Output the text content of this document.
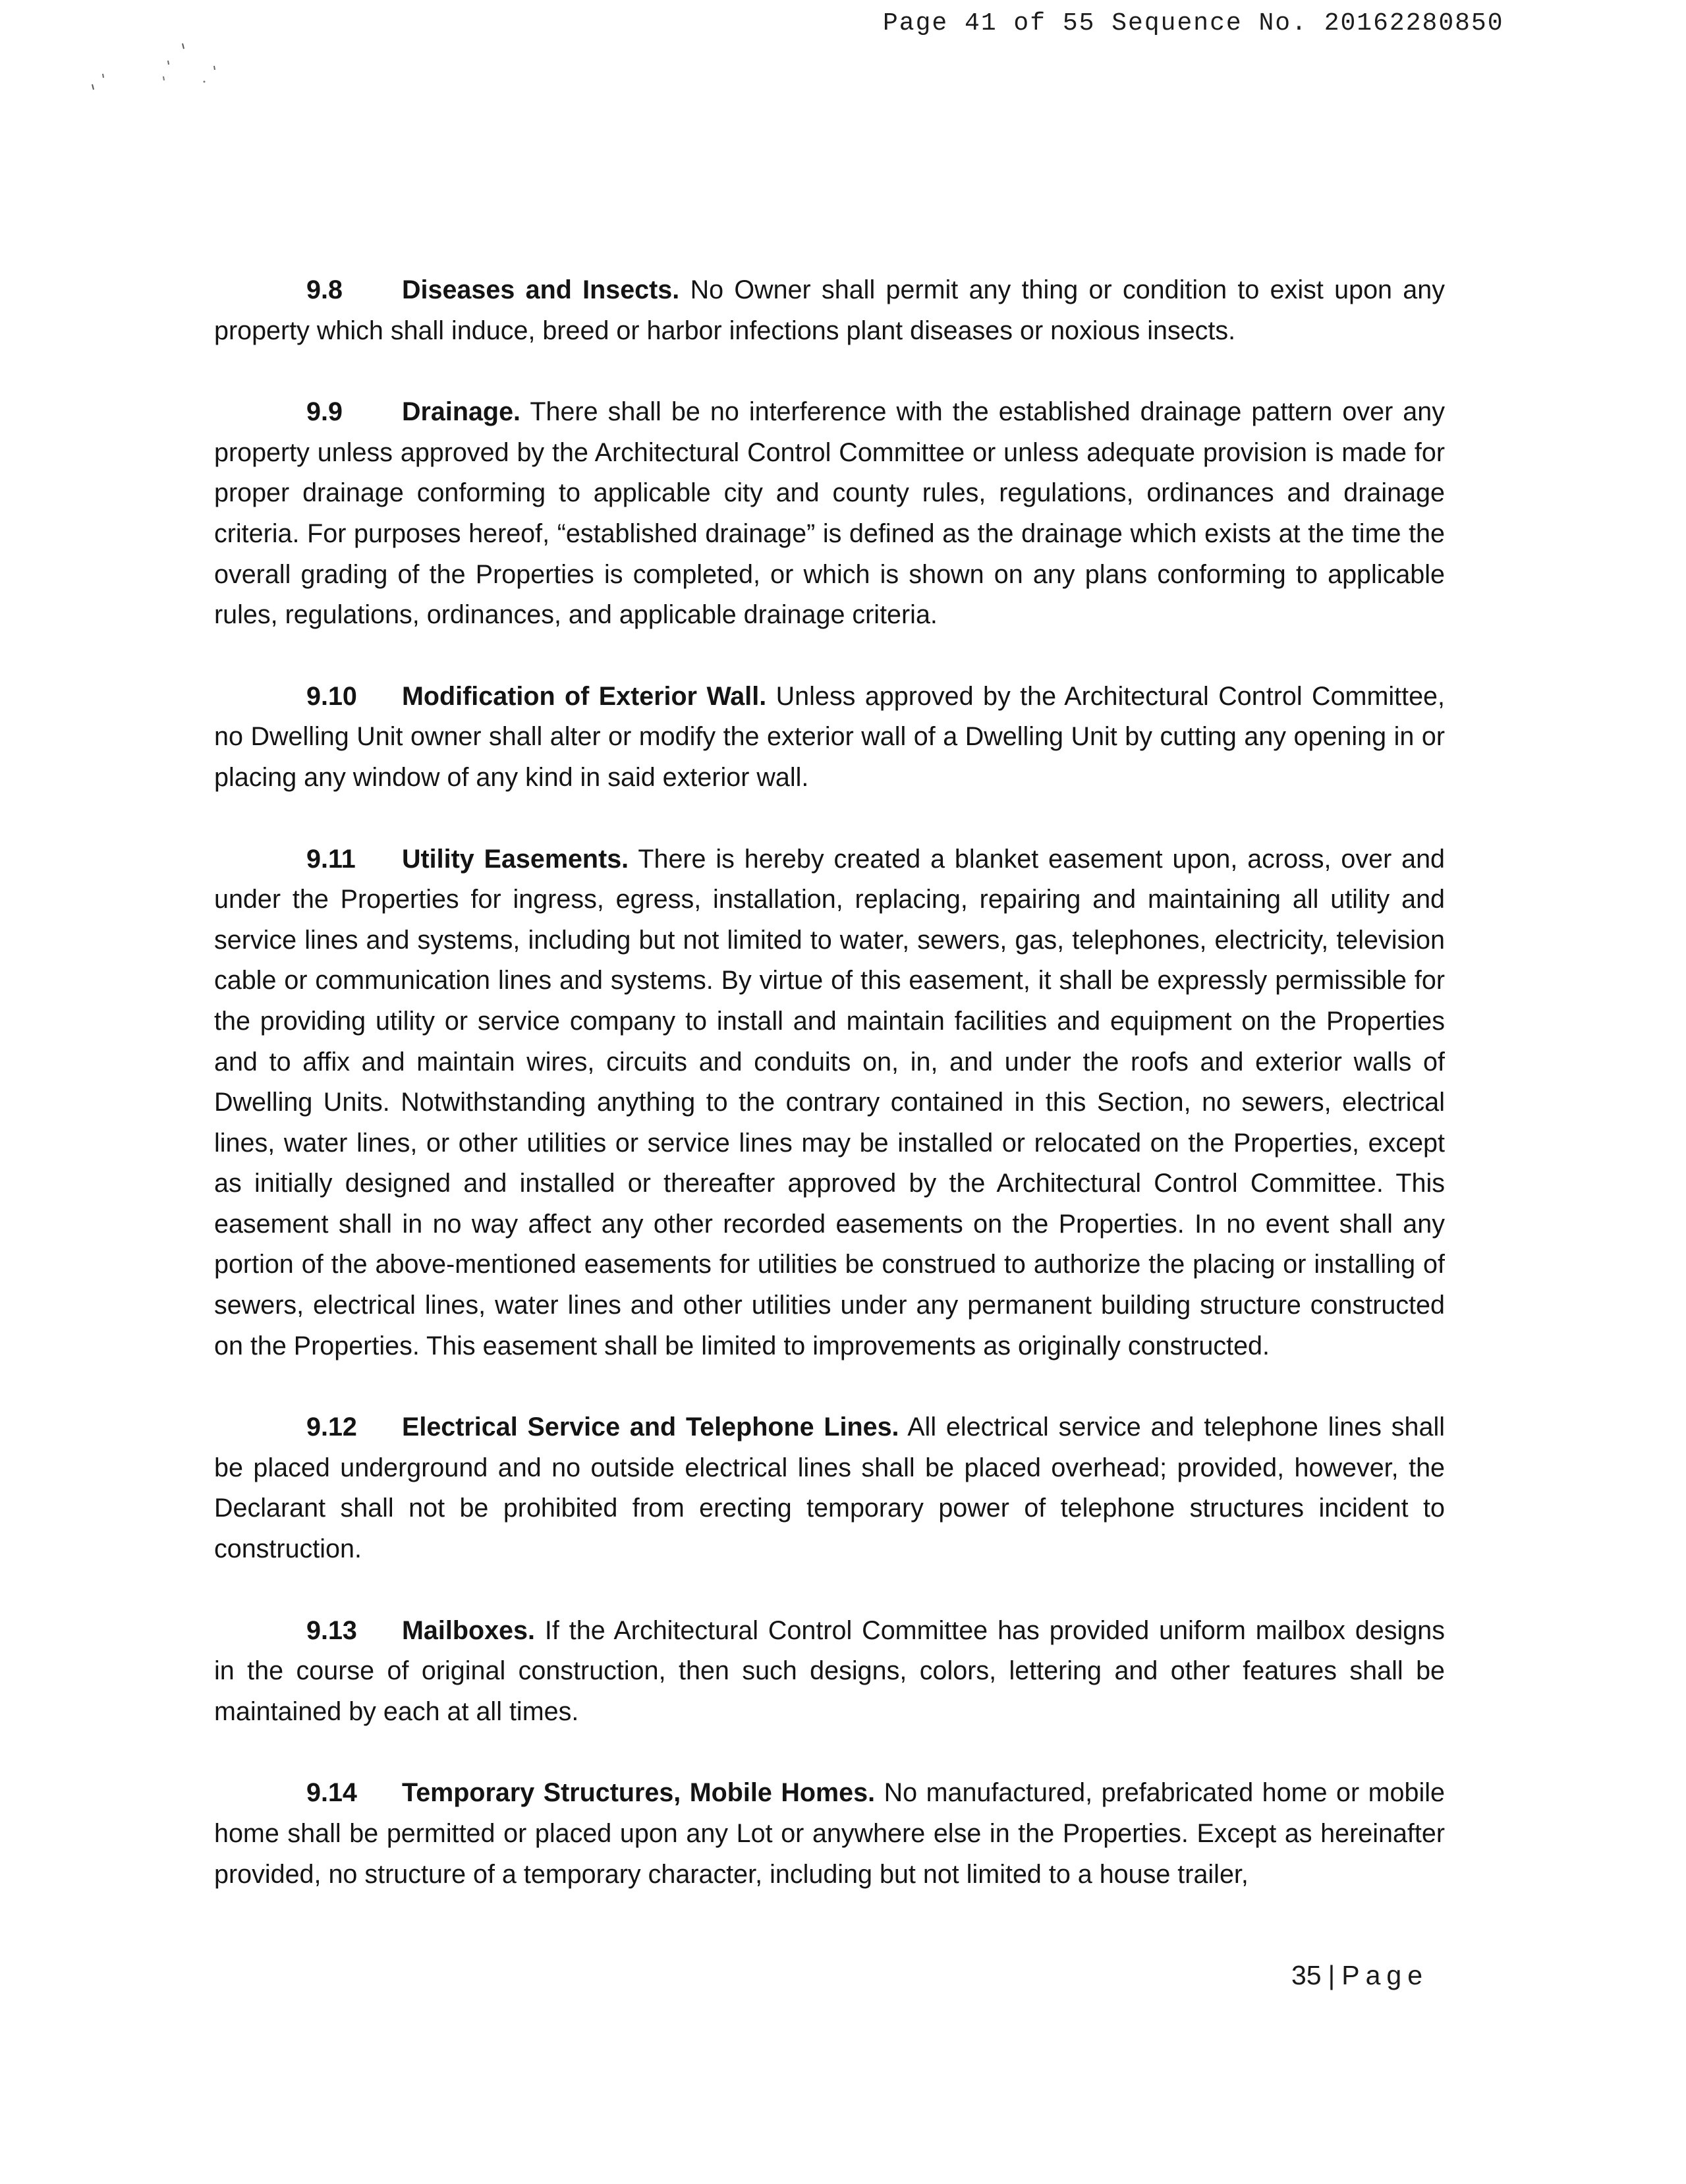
Page 41 of 55 Sequence No. 20162280850

9.8 Diseases and Insects. No Owner shall permit any thing or condition to exist upon any property which shall induce, breed or harbor infections plant diseases or noxious insects.

9.9 Drainage. There shall be no interference with the established drainage pattern over any property unless approved by the Architectural Control Committee or unless adequate provision is made for proper drainage conforming to applicable city and county rules, regulations, ordinances and drainage criteria. For purposes hereof, “established drainage” is defined as the drainage which exists at the time the overall grading of the Properties is completed, or which is shown on any plans conforming to applicable rules, regulations, ordinances, and applicable drainage criteria.

9.10 Modification of Exterior Wall. Unless approved by the Architectural Control Committee, no Dwelling Unit owner shall alter or modify the exterior wall of a Dwelling Unit by cutting any opening in or placing any window of any kind in said exterior wall.

9.11 Utility Easements. There is hereby created a blanket easement upon, across, over and under the Properties for ingress, egress, installation, replacing, repairing and maintaining all utility and service lines and systems, including but not limited to water, sewers, gas, telephones, electricity, television cable or communication lines and systems. By virtue of this easement, it shall be expressly permissible for the providing utility or service company to install and maintain facilities and equipment on the Properties and to affix and maintain wires, circuits and conduits on, in, and under the roofs and exterior walls of Dwelling Units. Notwithstanding anything to the contrary contained in this Section, no sewers, electrical lines, water lines, or other utilities or service lines may be installed or relocated on the Properties, except as initially designed and installed or thereafter approved by the Architectural Control Committee. This easement shall in no way affect any other recorded easements on the Properties. In no event shall any portion of the above-mentioned easements for utilities be construed to authorize the placing or installing of sewers, electrical lines, water lines and other utilities under any permanent building structure constructed on the Properties. This easement shall be limited to improvements as originally constructed.

9.12 Electrical Service and Telephone Lines. All electrical service and telephone lines shall be placed underground and no outside electrical lines shall be placed overhead; provided, however, the Declarant shall not be prohibited from erecting temporary power of telephone structures incident to construction.

9.13 Mailboxes. If the Architectural Control Committee has provided uniform mailbox designs in the course of original construction, then such designs, colors, lettering and other features shall be maintained by each at all times.

9.14 Temporary Structures, Mobile Homes. No manufactured, prefabricated home or mobile home shall be permitted or placed upon any Lot or anywhere else in the Properties. Except as hereinafter provided, no structure of a temporary character, including but not limited to a house trailer,

35 | Page
